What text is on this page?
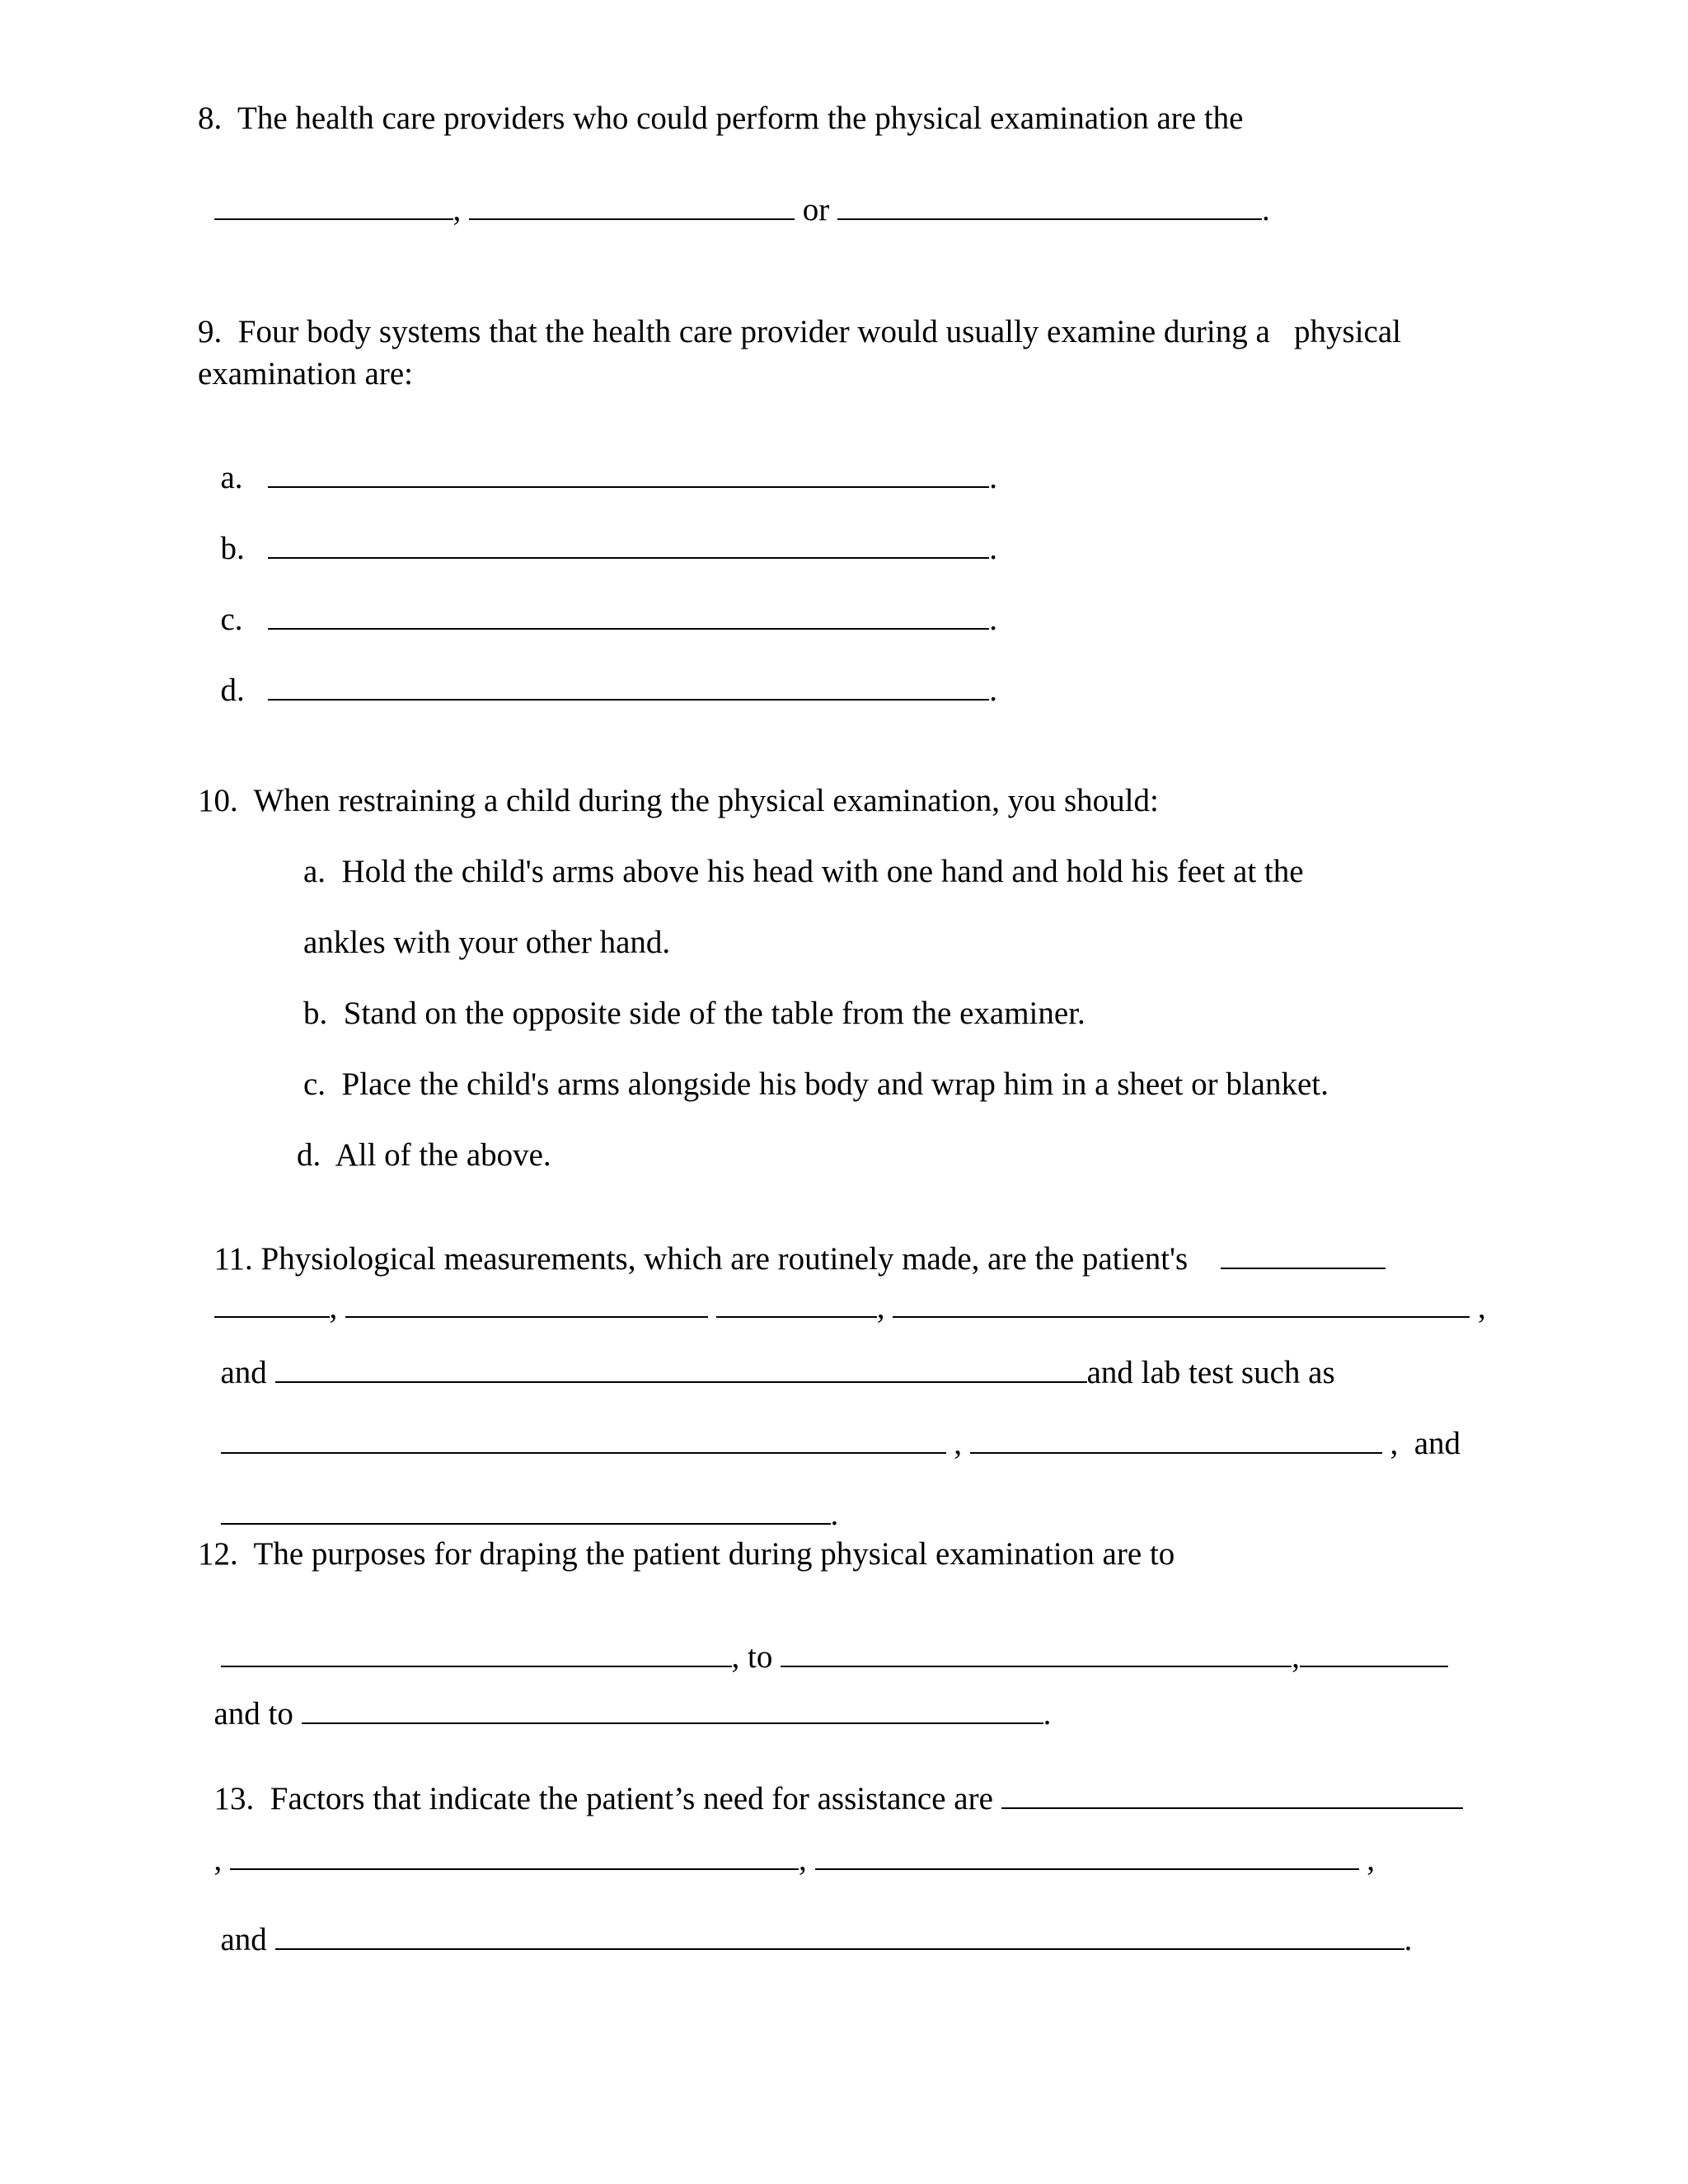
8.  The health care providers who could perform the physical examination are the

,	or	.

9.  Four body systems that the health care provider would usually examine during a   physical
examination are:

a.	.

b.	.

c.	.

d.	.

10.  When restraining a child during the physical examination, you should:
a.  Hold the child's arms above his head with one hand and hold his feet at the
ankles with your other hand.
b.  Stand on the opposite side of the table from the examiner.
c.  Place the child's arms alongside his body and wrap him in a sheet or blanket.
d.  All of the above.

11. Physiological measurements, which are routinely made, are the patient's

,	,	,

and	and lab test such as

,	, and

.

12.  The purposes for draping the patient during physical examination are to

, to	,

and to	.

13.  Factors that indicate the patient’s need for assistance are

,	,	,

and	.
